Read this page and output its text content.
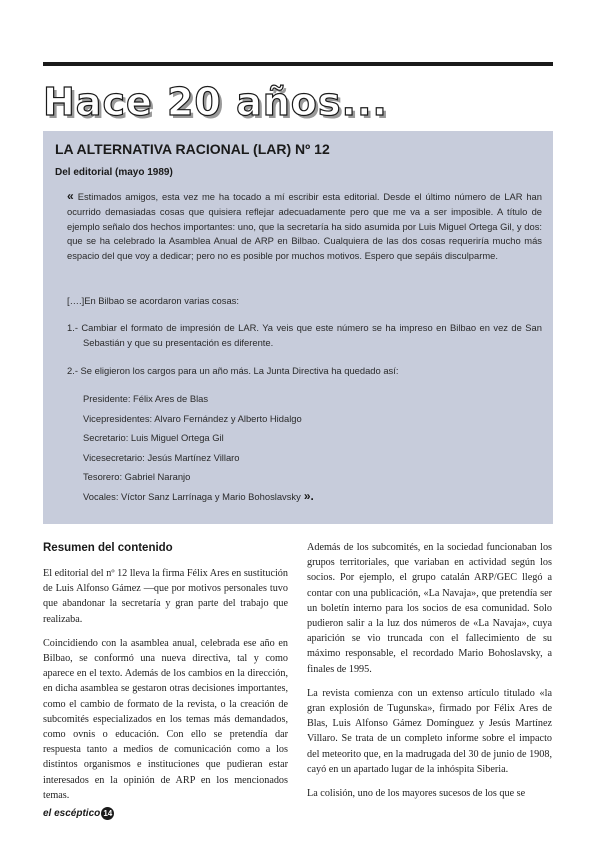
Hace 20 años...
LA ALTERNATIVA RACIONAL (LAR) Nº 12
Del editorial (mayo 1989)

« Estimados amigos, esta vez me ha tocado a mí escribir esta editorial. Desde el último número de LAR han ocurrido demasiadas cosas que quisiera reflejar adecuadamente pero que me va a ser imposible. A título de ejemplo señalo dos hechos importantes: uno, que la secretaría ha sido asumida por Luis Miguel Ortega Gil, y dos: que se ha celebrado la Asamblea Anual de ARP en Bilbao. Cualquiera de las dos cosas requeriría mucho más espacio del que voy a dedicar; pero no es posible por muchos motivos. Espero que sepáis disculparme.

[….]En Bilbao se acordaron varias cosas:

1.- Cambiar el formato de impresión de LAR. Ya veis que este número se ha impreso en Bilbao en vez de San Sebastián y que su presentación es diferente.

2.- Se eligieron los cargos para un año más. La Junta Directiva ha quedado así:

Presidente: Félix Ares de Blas
Vicepresidentes: Alvaro Fernández y Alberto Hidalgo
Secretario: Luis Miguel Ortega Gil
Vicesecretario: Jesús Martínez Villaro
Tesorero: Gabriel Naranjo
Vocales: Víctor Sanz Larrínaga y Mario Bohoslavsky ».
Resumen del contenido

El editorial del nº 12 lleva la firma Félix Ares en sustitución de Luis Alfonso Gámez —que por motivos personales tuvo que abandonar la secretaría y gran parte del trabajo que realizaba.

Coincidiendo con la asamblea anual, celebrada ese año en Bilbao, se conformó una nueva directiva, tal y como aparece en el texto. Además de los cambios en la dirección, en dicha asamblea se gestaron otras decisiones importantes, como el cambio de formato de la revista, o la creación de subcomités especializados en los temas más demandados, como ovnis o educación. Con ello se pretendía dar respuesta tanto a medios de comunicación como a los distintos organismos e instituciones que pudieran estar interesados en la opinión de ARP en los mencionados temas.

Además de los subcomités, en la sociedad funcionaban los grupos territoriales, que variaban en actividad según los socios. Por ejemplo, el grupo catalán ARP/GEC llegó a contar con una publicación, «La Navaja», que pretendía ser un boletín interno para los socios de esa comunidad. Solo pudieron salir a la luz dos números de «La Navaja», cuya aparición se vio truncada con el fallecimiento de su máximo responsable, el recordado Mario Bohoslavsky, a finales de 1995.

La revista comienza con un extenso artículo titulado «la gran explosión de Tugunska», firmado por Félix Ares de Blas, Luis Alfonso Gámez Domínguez y Jesús Martínez Villaro. Se trata de un completo informe sobre el impacto del meteorito que, en la madrugada del 30 de junio de 1908, cayó en un apartado lugar de la inhóspita Siberia.

La colisión, uno de los mayores sucesos de los que se

el escéptico 14
